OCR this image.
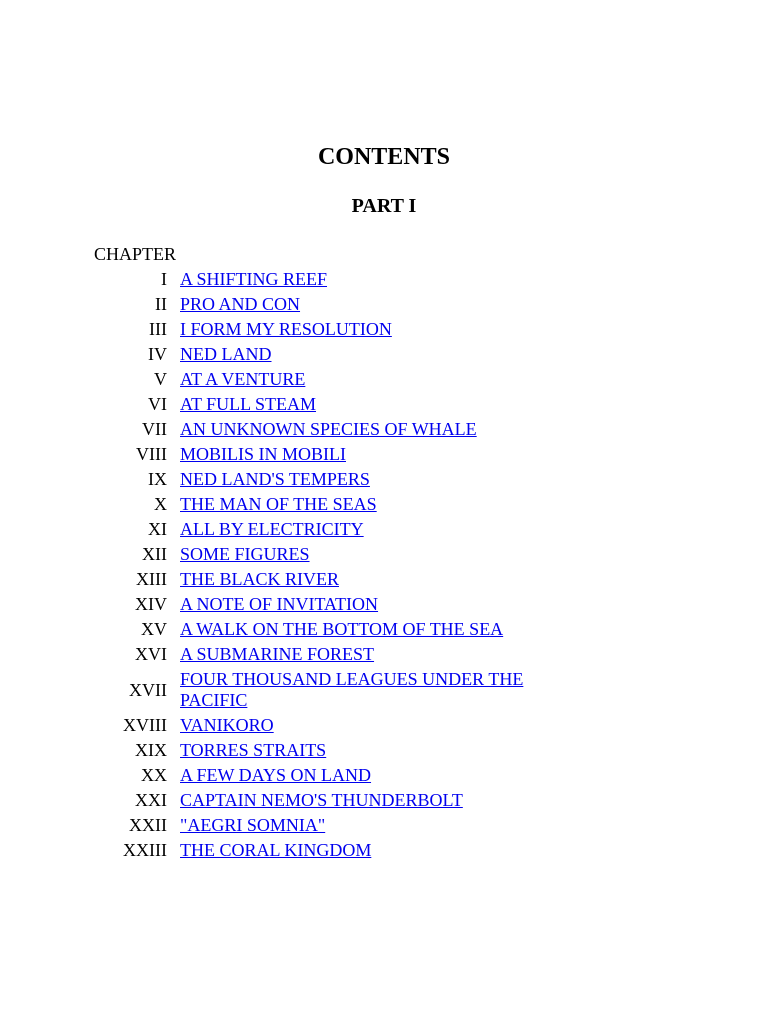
CONTENTS
PART I
CHAPTER
I	A SHIFTING REEF
II	PRO AND CON
III	I FORM MY RESOLUTION
IV	NED LAND
V	AT A VENTURE
VI	AT FULL STEAM
VII	AN UNKNOWN SPECIES OF WHALE
VIII	MOBILIS IN MOBILI
IX	NED LAND'S TEMPERS
X	THE MAN OF THE SEAS
XI	ALL BY ELECTRICITY
XII	SOME FIGURES
XIII	THE BLACK RIVER
XIV	A NOTE OF INVITATION
XV	A WALK ON THE BOTTOM OF THE SEA
XVI	A SUBMARINE FOREST
XVII	FOUR THOUSAND LEAGUES UNDER THE PACIFIC
XVIII	VANIKORO
XIX	TORRES STRAITS
XX	A FEW DAYS ON LAND
XXI	CAPTAIN NEMO'S THUNDERBOLT
XXII	"AEGRI SOMNIA"
XXIII	THE CORAL KINGDOM
